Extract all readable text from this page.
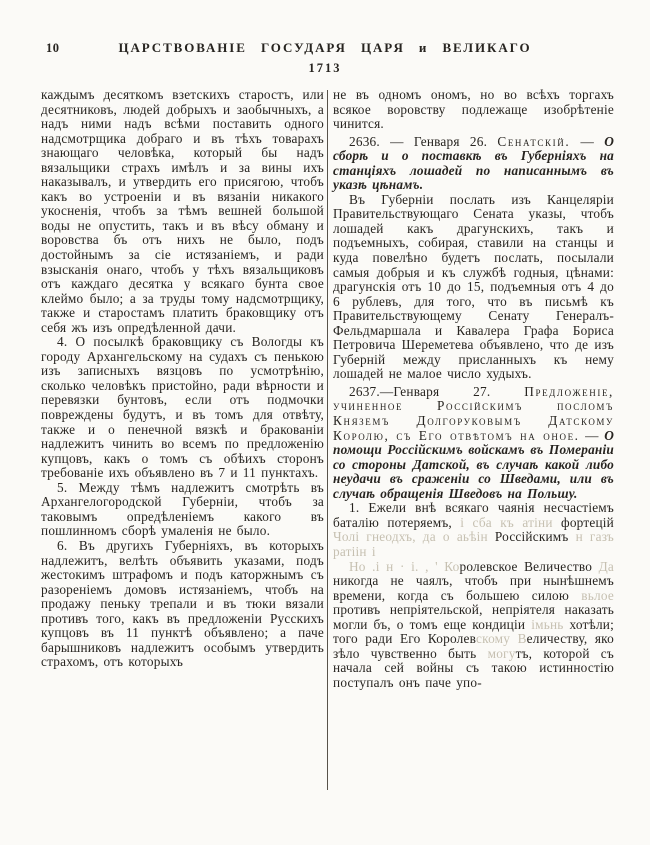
10	ЦАРСТВОВАНІЕ ГОСУДАРЯ ЦАРЯ и ВЕЛИКАГО
1713

каждымъ десяткомъ взетскихъ старостъ, или десятниковъ, людей добрыхъ и заобычныхъ, а надъ ними надъ всѣми поставить одного надсмотрщика добраго и въ тѣхъ товарахъ знающаго человѣка, который бы надъ вязальщики страхъ имѣлъ и за вины ихъ наказывалъ, и утвердить его присягою, чтобъ какъ во устроеніи и въ вязаніи никакого укосненія, чтобъ за тѣмъ вешней большой воды не опустить, такъ и въ вѣсу обману и воровства бъ отъ нихъ не было, подъ достойнымъ за сіе истязаніемъ, и ради взысканія онаго, чтобъ у тѣхъ вязальщиковъ отъ каждаго десятка у всякаго бунта свое клеймо было; а за труды тому надсмотрщику, также и старостамъ платить браковщику отъ себя жъ изъ опредѣленной дачи.

4. О посылкѣ браковщику съ Вологды къ городу Архангельскому на судахъ съ пенькою изъ записныхъ вязцовъ по усмотрѣнію, сколько человѣкъ пристойно, ради вѣрности и перевязки бунтовъ, если отъ подмочки повреждены будутъ, и въ томъ для отвѣту, также и о пенечной вязкѣ и бракованіи надлежитъ чинить во всемъ по предложенію купцовъ, какъ о томъ съ обѣихъ сторонъ требованіе ихъ объявлено въ 7 и 11 пунктахъ.

5. Между тѣмъ надлежитъ смотрѣть въ Архангелогородской Губерніи, чтобъ за таковымъ опредѣленіемъ какого въ пошлинномъ сборѣ умаленія не было.

6. Въ другихъ Губерніяхъ, въ которыхъ надлежитъ, велѣть объявить указами, подъ жестокимъ штрафомъ и подъ каторжнымъ съ разореніемъ домовъ истязаніемъ, чтобъ на продажу пеньку трепали и въ тюки вязали противъ того, какъ въ предложеніи Русскихъ купцовъ въ 11 пунктѣ объявлено; а паче барышниковъ надлежитъ особымъ утвердить страхомъ, отъ которыхъ

не въ одномъ ономъ, но во всѣхъ торгахъ всякое воровству подлежаще изобрѣтеніе чинится.

2636. — Генваря 26. Сенатскій. — О сборѣ и о поставкѣ въ Губерніяхъ на станціяхъ лошадей по написаннымъ въ указѣ цѣнамъ.

Въ Губерніи послать изъ Канцеляріи Правительствующаго Сената указы, чтобъ лошадей какъ драгунскихъ, такъ и подъемныхъ, собирая, ставили на станцы и куда повелѣно будетъ послать, посылали самыя добрыя и къ службѣ годныя, цѣнами: драгунскія отъ 10 до 15, подъемныя отъ 4 до 6 рублевъ, для того, что въ письмѣ къ Правительствующему Сенату Генералъ-Фельдмаршала и Кавалера Графа Бориса Петровича Шереметева объявлено, что де изъ Губерній между присланныхъ къ нему лошадей не малое число худыхъ.

2637.—Генваря 27. Предложеніе, учиненное Россійскимъ посломъ Княземъ Долгоруковымъ Датскому Королю, съ Его отвѣтомъ на оное. — О помощи Россійскимъ войскамъ въ Помераніи со стороны Датской, въ случаѣ какой либо неудачи въ сраженіи со Шведами, или въ случаѣ обращенія Шведовъ на Польшу.

1. Ежели внѣ всякаго чаянія несчастіемъ баталію потеряемъ, і сба къ атіни фортецій Чолі гнеодхъ, да о аьѣін Россійскимъ н газъ ратіін і

Но .і н · і. , ' Королевское Величество Да никогда не чаялъ, чтобъ при нынѣшнемъ времени, когда съ большею силою вьлое противъ непріятельской, непріятеля наказать могли бъ, о томъ еще кондиціи імьнь хотѣли; того ради Его Королевскому Величеству, яко зѣло чувственно быть могутъ, которой съ начала сей войны съ такою истинностію поступалъ онъ паче упо-
